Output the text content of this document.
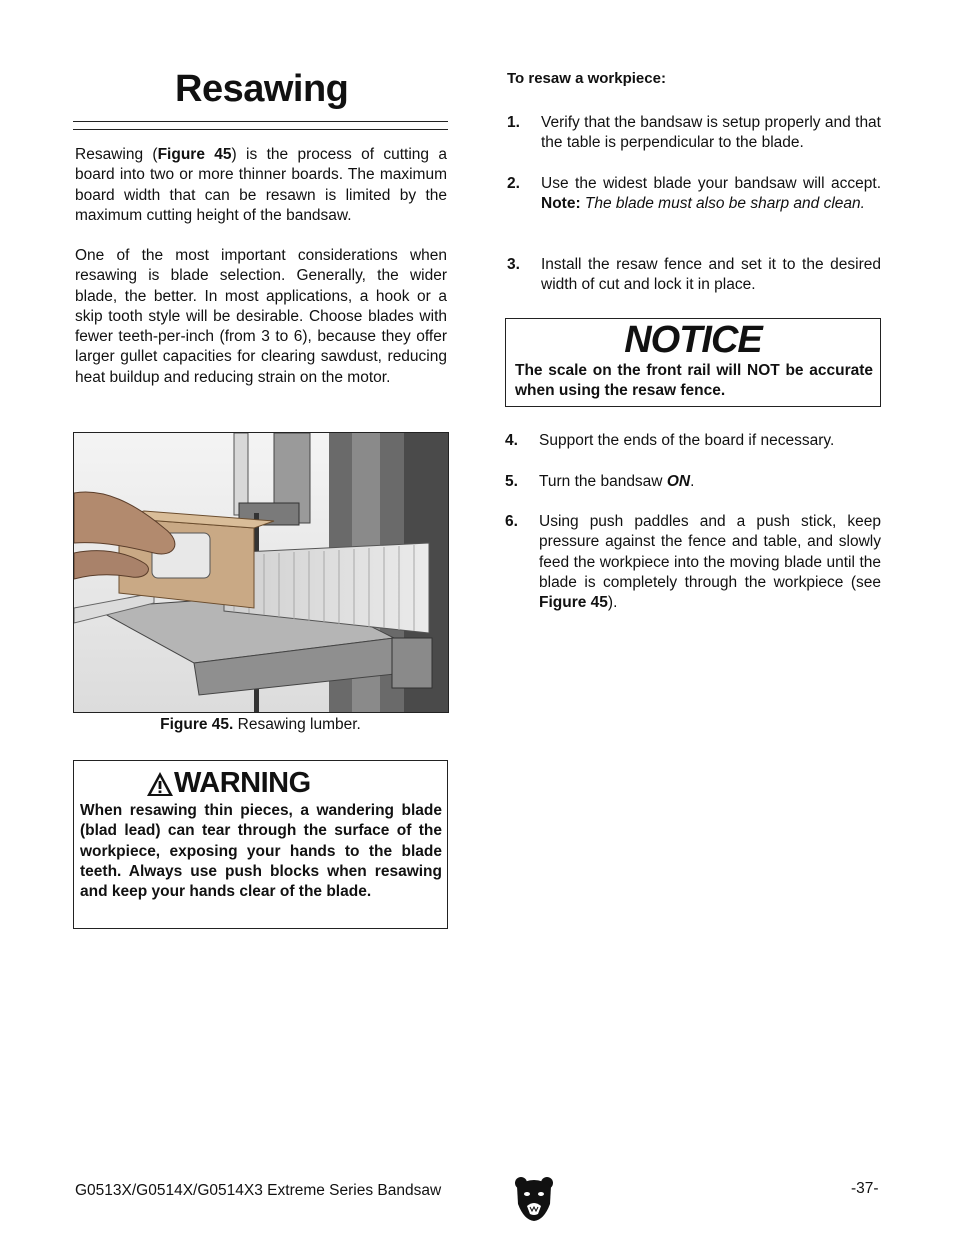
Resawing

Resawing (Figure 45) is the process of cutting a board into two or more thinner boards. The maximum board width that can be resawn is limited by the maximum cutting height of the bandsaw.

One of the most important considerations when resawing is blade selection. Generally, the wider blade, the better. In most applications, a hook or a skip tooth style will be desirable. Choose blades with fewer teeth-per-inch (from 3 to 6), because they offer larger gullet capacities for clearing sawdust, reducing heat buildup and reducing strain on the motor.

Figure 45. Resawing lumber.
WARNING

When resawing thin pieces, a wandering blade (blad lead) can tear through the surface of the workpiece, exposing your hands to the blade teeth. Always use push blocks when resawing and keep your hands clear of the blade.

To resaw a workpiece:
1. Verify that the bandsaw is setup properly and that the table is perpendicular to the blade.

2. Use the widest blade your bandsaw will accept. Note: The blade must also be sharp and clean.

3. Install the resaw fence and set it to the desired width of cut and lock it in place.

NOTICE

The scale on the front rail will NOT be accurate when using the resaw fence.

4. Support the ends of the board if necessary.

5. Turn the bandsaw ON.

6. Using push paddles and a push stick, keep pressure against the fence and table, and slowly feed the workpiece into the moving blade until the blade is completely through the workpiece (see Figure 45).

G0513X/G0514X/G0514X3 Extreme Series Bandsaw	-37-
